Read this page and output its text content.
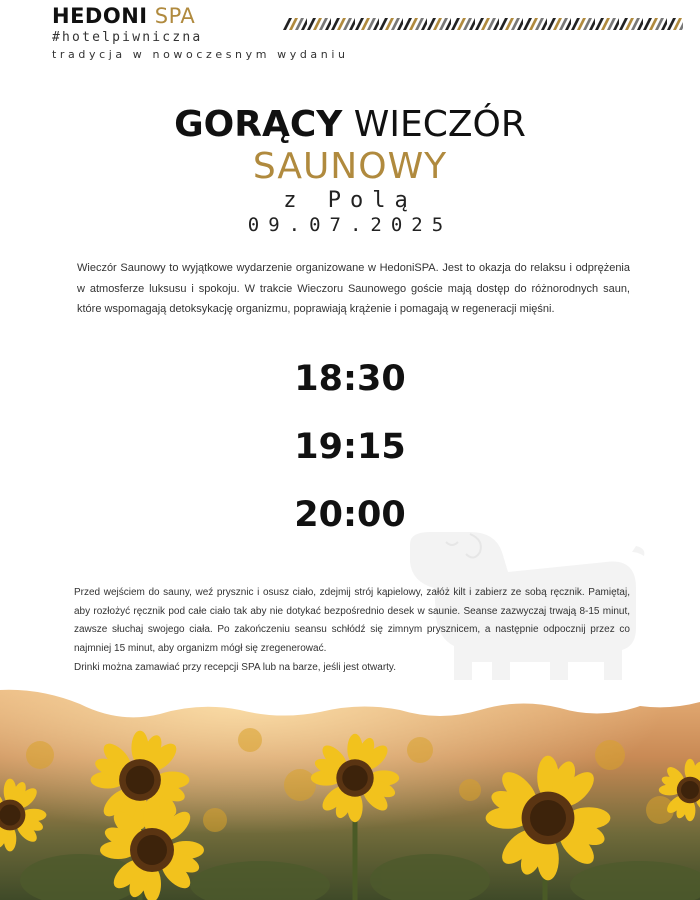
HEDONI SPA
#hotelpiwniczna
tradycja w nowoczesnym wydaniu
GORĄCY WIECZÓR
SAUNOWY
z Polą
09.07.2025
Wieczór Saunowy to wyjątkowe wydarzenie organizowane w HedoniSPA. Jest to okazja do relaksu i odprężenia w atmosferze luksusu i spokoju. W trakcie Wieczoru Saunowego goście mają dostęp do różnorodnych saun, które wspomagają detoksykację organizmu, poprawiają krążenie i pomagają w regeneracji mięśni.
18:30
19:15
20:00
Przed wejściem do sauny, weź prysznic i osusz ciało, zdejmij strój kąpielowy, załóż kilt i zabierz ze sobą ręcznik. Pamiętaj, aby rozłożyć ręcznik pod całe ciało tak aby nie dotykać bezpośrednio desek w saunie. Seanse zazwyczaj trwają 8-15 minut, zawsze słuchaj swojego ciała. Po zakończeniu seansu schłódź się zimnym prysznicem, a następnie odpocznij przez co najmniej 15 minut, aby organizm mógł się zregenerować.
Drinki można zamawiać przy recepcji SPA lub na barze, jeśli jest otwarty.
